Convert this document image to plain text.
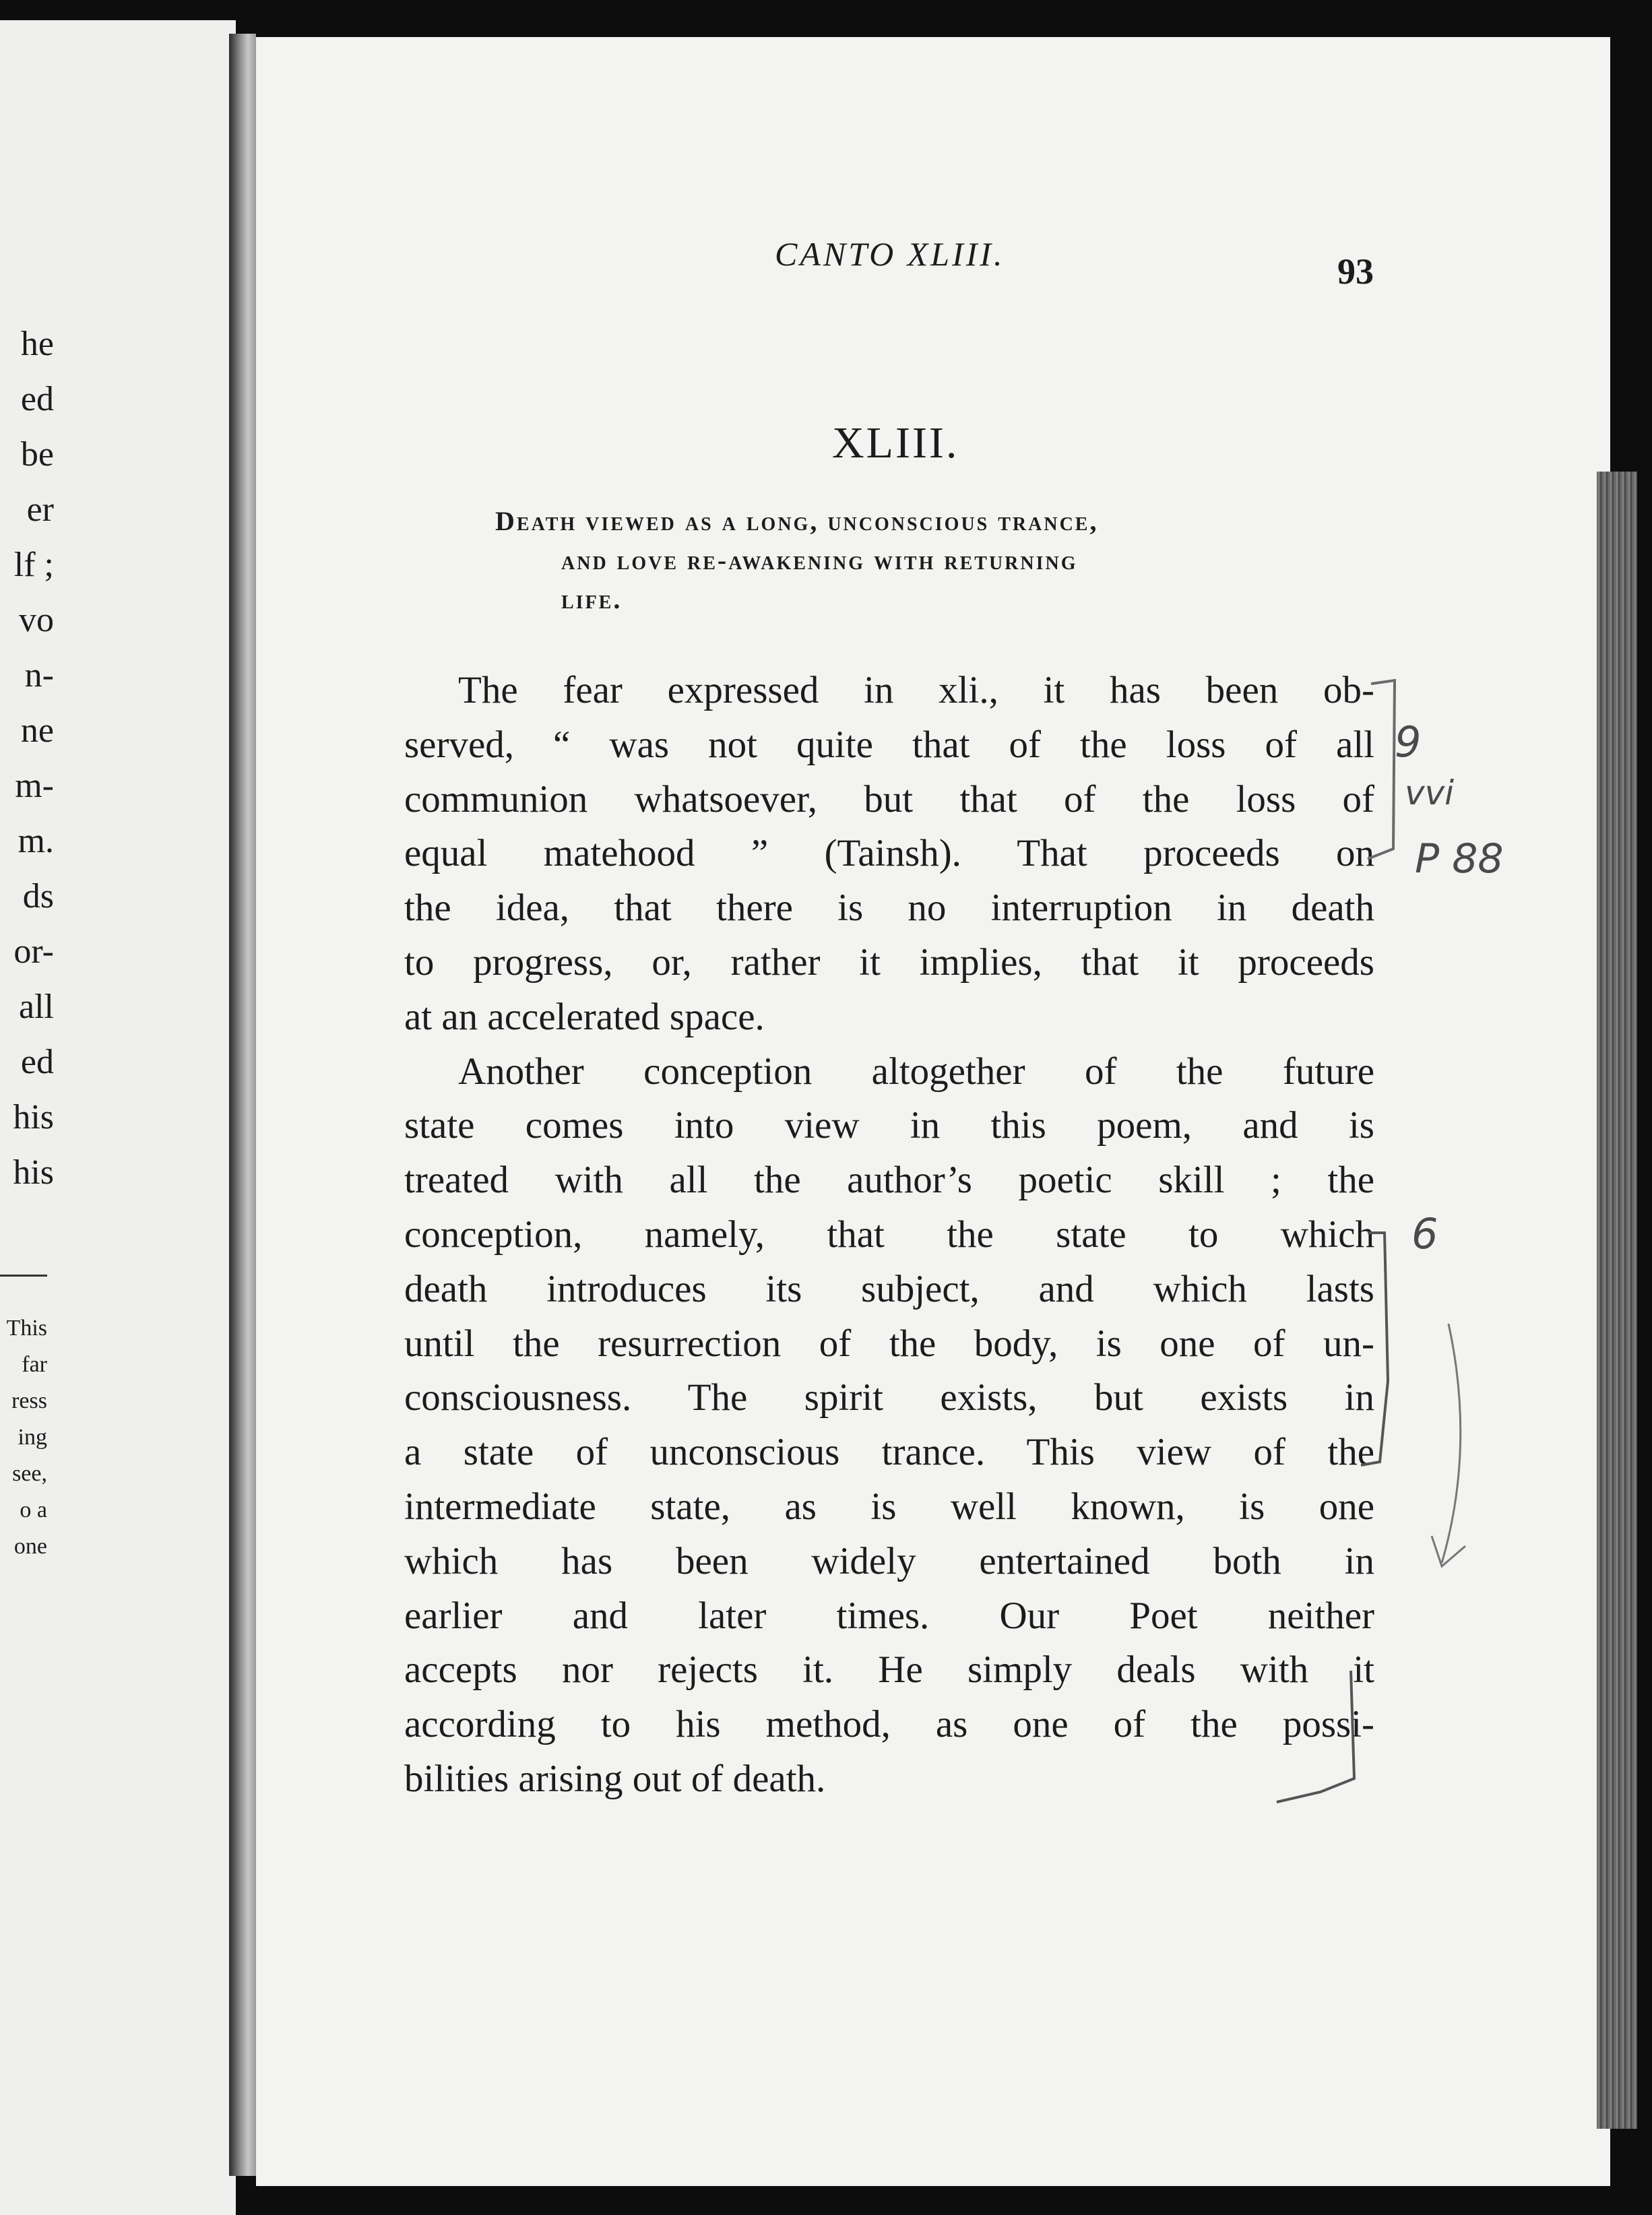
he
ed
be
er
lf ;
vo
n-
ne
m-
m.
ds
or-
all
ed
his
his
This
far
ress
ing
see,
o a
one
CANTO XLIII.	93
XLIII.
Death viewed as a long, unconscious trance,
and love re-awakening with returning
life.
The fear expressed in xli., it has been ob-
served, “ was not quite that of the loss of all
communion whatsoever, but that of the loss of
equal matehood ” (Tainsh). That proceeds on
the idea, that there is no interruption in death
to progress, or, rather it implies, that it proceeds
at an accelerated space.
Another conception altogether of the future
state comes into view in this poem, and is
treated with all the author’s poetic skill ; the
conception, namely, that the state to which
death introduces its subject, and which lasts
until the resurrection of the body, is one of un-
consciousness. The spirit exists, but exists in
a state of unconscious trance. This view of the
intermediate state, as is well known, is one
which has been widely entertained both in
earlier and later times. Our Poet neither
accepts nor rejects it. He simply deals with it
according to his method, as one of the possi-
bilities arising out of death.
9
vvi
P 88
6
